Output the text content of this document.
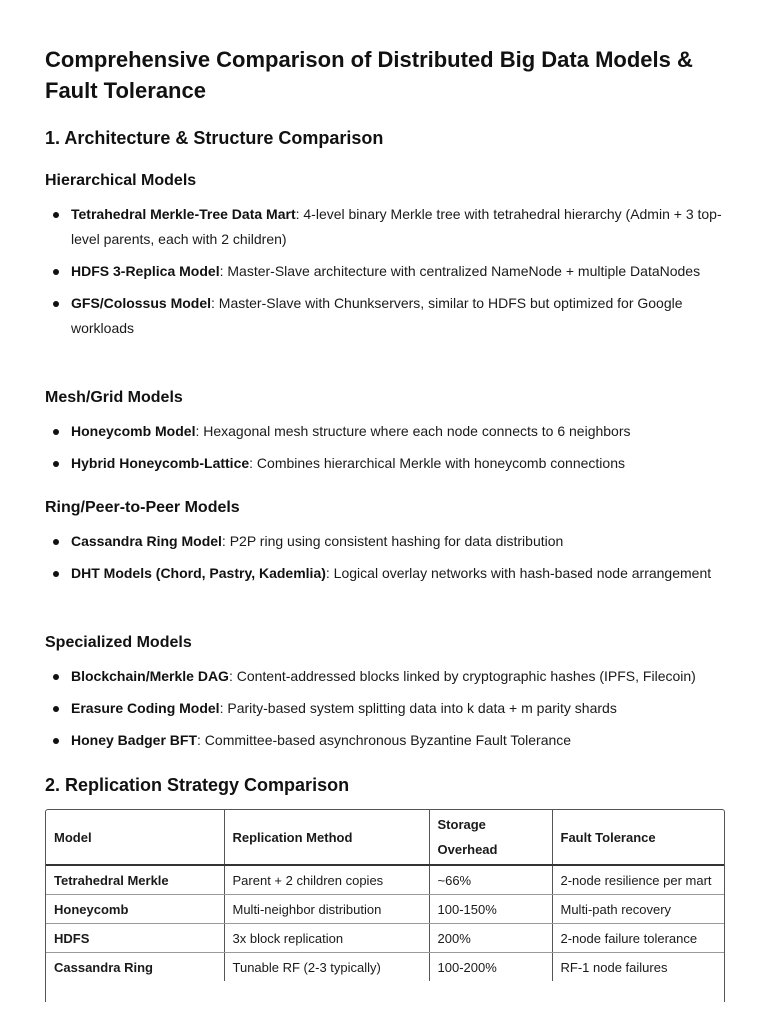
Comprehensive Comparison of Distributed Big Data Models & Fault Tolerance
1. Architecture & Structure Comparison
Hierarchical Models
Tetrahedral Merkle-Tree Data Mart: 4-level binary Merkle tree with tetrahedral hierarchy (Admin + 3 top-level parents, each with 2 children)
HDFS 3-Replica Model: Master-Slave architecture with centralized NameNode + multiple DataNodes
GFS/Colossus Model: Master-Slave with Chunkservers, similar to HDFS but optimized for Google workloads
Mesh/Grid Models
Honeycomb Model: Hexagonal mesh structure where each node connects to 6 neighbors
Hybrid Honeycomb-Lattice: Combines hierarchical Merkle with honeycomb connections
Ring/Peer-to-Peer Models
Cassandra Ring Model: P2P ring using consistent hashing for data distribution
DHT Models (Chord, Pastry, Kademlia): Logical overlay networks with hash-based node arrangement
Specialized Models
Blockchain/Merkle DAG: Content-addressed blocks linked by cryptographic hashes (IPFS, Filecoin)
Erasure Coding Model: Parity-based system splitting data into k data + m parity shards
Honey Badger BFT: Committee-based asynchronous Byzantine Fault Tolerance
2. Replication Strategy Comparison
Model	Replication Method	Storage Overhead	Fault Tolerance
Tetrahedral Merkle	Parent + 2 children copies	~66%	2-node resilience per mart
Honeycomb	Multi-neighbor distribution	100-150%	Multi-path recovery
HDFS	3x block replication	200%	2-node failure tolerance
Cassandra Ring	Tunable RF (2-3 typically)	100-200%	RF-1 node failures
